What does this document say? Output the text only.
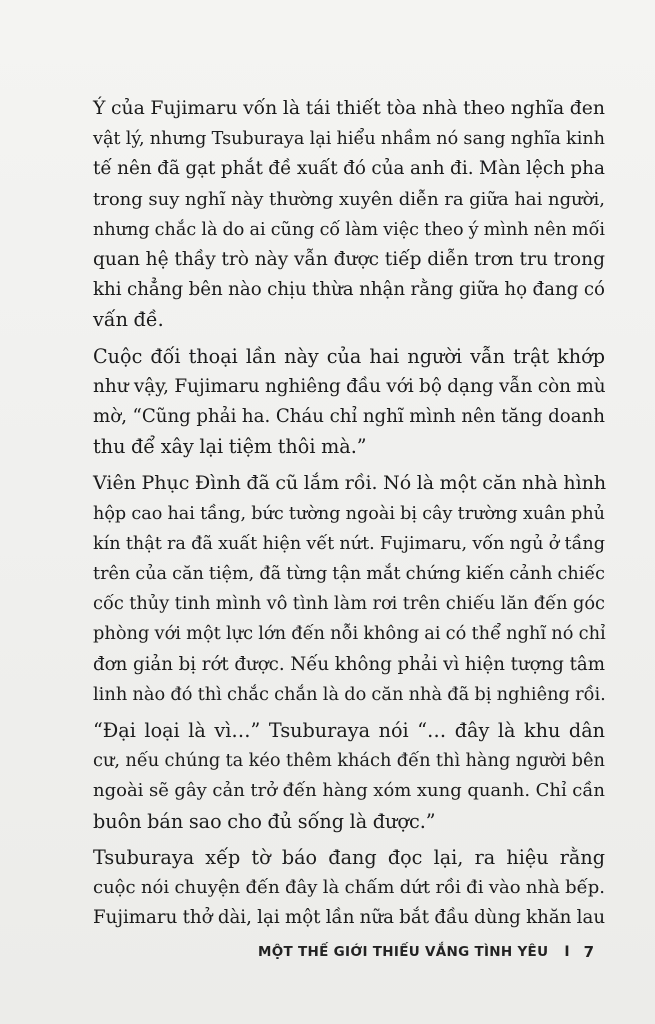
Ý của Fujimaru vốn là tái thiết tòa nhà theo nghĩa đen
vật lý, nhưng Tsuburaya lại hiểu nhầm nó sang nghĩa kinh
tế nên đã gạt phắt đề xuất đó của anh đi. Màn lệch pha
trong suy nghĩ này thường xuyên diễn ra giữa hai người,
nhưng chắc là do ai cũng cố làm việc theo ý mình nên mối
quan hệ thầy trò này vẫn được tiếp diễn trơn tru trong
khi chẳng bên nào chịu thừa nhận rằng giữa họ đang có
vấn đề.
Cuộc đối thoại lần này của hai người vẫn trật khớp
như vậy, Fujimaru nghiêng đầu với bộ dạng vẫn còn mù
mờ, “Cũng phải ha. Cháu chỉ nghĩ mình nên tăng doanh
thu để xây lại tiệm thôi mà.”
Viên Phục Đình đã cũ lắm rồi. Nó là một căn nhà hình
hộp cao hai tầng, bức tường ngoài bị cây trường xuân phủ
kín thật ra đã xuất hiện vết nứt. Fujimaru, vốn ngủ ở tầng
trên của căn tiệm, đã từng tận mắt chứng kiến cảnh chiếc
cốc thủy tinh mình vô tình làm rơi trên chiếu lăn đến góc
phòng với một lực lớn đến nỗi không ai có thể nghĩ nó chỉ
đơn giản bị rớt được. Nếu không phải vì hiện tượng tâm
linh nào đó thì chắc chắn là do căn nhà đã bị nghiêng rồi.
“Đại loại là vì…” Tsuburaya nói “… đây là khu dân
cư, nếu chúng ta kéo thêm khách đến thì hàng người bên
ngoài sẽ gây cản trở đến hàng xóm xung quanh. Chỉ cần
buôn bán sao cho đủ sống là được.”
Tsuburaya xếp tờ báo đang đọc lại, ra hiệu rằng
cuộc nói chuyện đến đây là chấm dứt rồi đi vào nhà bếp.
Fujimaru thở dài, lại một lần nữa bắt đầu dùng khăn lau
MỘT THẾ GIỚI THIẾU VẮNG TÌNH YÊU I 7
